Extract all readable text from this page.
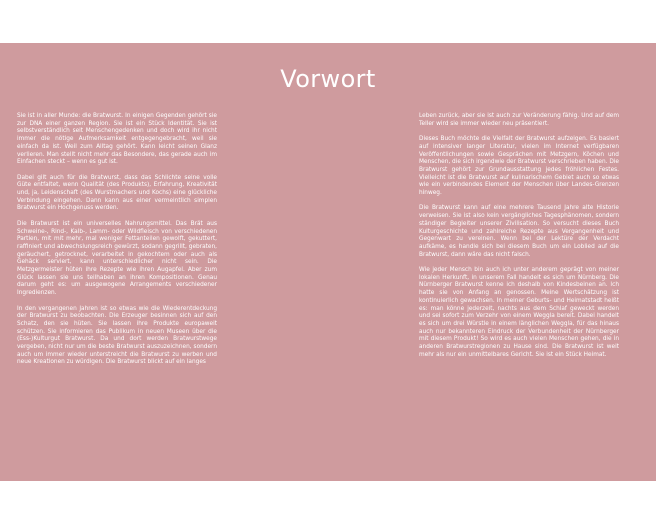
Vorwort

Sie ist in aller Munde: die Bratwurst. In einigen Gegenden gehört sie zur DNA einer ganzen Region. Sie ist ein Stück Identität. Sie ist selbstverständlich seit Menschengedenken und doch wird ihr nicht immer die nötige Aufmerksamkeit entgegengebracht, weil sie einfach da ist. Weil zum Alltag gehört. Kann leicht seinen Glanz verlieren. Man stellt nicht mehr das Besondere, das gerade auch im Einfachen steckt – wenn es gut ist.

Dabei gilt auch für die Bratwurst, dass das Schlichte seine volle Güte entfaltet, wenn Qualität (des Produkts), Erfahrung, Kreativität und, ja, Leidenschaft (des Wurstmachers und Kochs) eine glückliche Verbindung eingehen. Dann kann aus einer vermeintlich simplen Bratwurst ein Hochgenuss werden.

Die Bratwurst ist ein universelles Nahrungsmittel. Das Brät aus Schweine-, Rind-, Kalb-, Lamm- oder Wildfleisch von verschiedenen Partien, mit mit mehr, mal weniger Fettanteilen gewolft, gekuttert, raffiniert und abwechslungsreich gewürzt, sodann gegrillt, gebraten, geräuchert, getrocknet, verarbeitet in gekochtem oder auch als Gehäck serviert, kann unterschiedlicher nicht sein. Die Metzgermeister hüten ihre Rezepte wie ihren Augapfel. Aber zum Glück lassen sie uns teilhaben an ihren Kompositionen. Genau darum geht es: um ausgewogene Arrangements verschiedener Ingredienzen.

In den vergangenen Jahren ist so etwas wie die Wiederentdeckung der Bratwurst zu beobachten. Die Erzeuger besinnen sich auf den Schatz, den sie hüten. Sie lassen ihre Produkte europaweit schützen. Sie informieren das Publikum in neuen Museen über die (Ess-)Kulturgut Bratwurst. Da und dort werden Bratwurstwege vergeben, nicht nur um die beste Bratwurst auszuzeichnen, sondern auch um immer wieder unterstreicht die Bratwurst zu werben und neue Kreationen zu würdigen. Die Bratwurst blickt auf ein langes

Leben zurück, aber sie ist auch zur Veränderung fähig. Und auf dem Teller wird sie immer wieder neu präsentiert.

Dieses Buch möchte die Vielfalt der Bratwurst aufzeigen. Es basiert auf intensiver langer Literatur, vielen im Internet verfügbaren Veröffentlichungen sowie Gesprächen mit Metzgern, Köchen und Menschen, die sich irgendwie der Bratwurst verschrieben haben. Die Bratwurst gehört zur Grundausstattung jedes fröhlichen Festes. Vielleicht ist die Bratwurst auf kulinarischem Gebiet auch so etwas wie ein verbindendes Element der Menschen über Landes-Grenzen hinweg.

Die Bratwurst kann auf eine mehrere Tausend Jahre alte Historie verweisen. Sie ist also kein vergängliches Tagesphänomen, sondern ständiger Begleiter unserer Zivilisation. So versucht dieses Buch Kulturgeschichte und zahlreiche Rezepte aus Vergangenheit und Gegenwart zu vereinen. Wenn bei der Lektüre der Verdacht aufkäme, es handle sich bei diesem Buch um ein Loblied auf die Bratwurst, dann wäre das nicht falsch.

Wie jeder Mensch bin auch ich unter anderem geprägt von meiner lokalen Herkunft, in unserem Fall handelt es sich um Nürnberg. Die Nürnberger Bratwurst kenne ich deshalb von Kindesbeinen an. Ich hatte sie von Anfang an genossen. Meine Wertschätzung ist kontinuierlich gewachsen. In meiner Geburts- und Heimatstadt heißt es: man könne jederzeit, nachts aus dem Schlaf geweckt werden und sei sofort zum Verzehr von einem Weggla bereit. Dabei handelt es sich um drei Würstle in einem länglichen Weggla, für das hinaus auch nur bekannteren Eindruck der Verbundenheit der Nürnberger mit diesem Produkt! So wird es auch vielen Menschen gehen, die in anderen Bratwurstregionen zu Hause sind. Die Bratwurst ist weit mehr als nur ein unmittelbares Gericht. Sie ist ein Stück Heimat.
